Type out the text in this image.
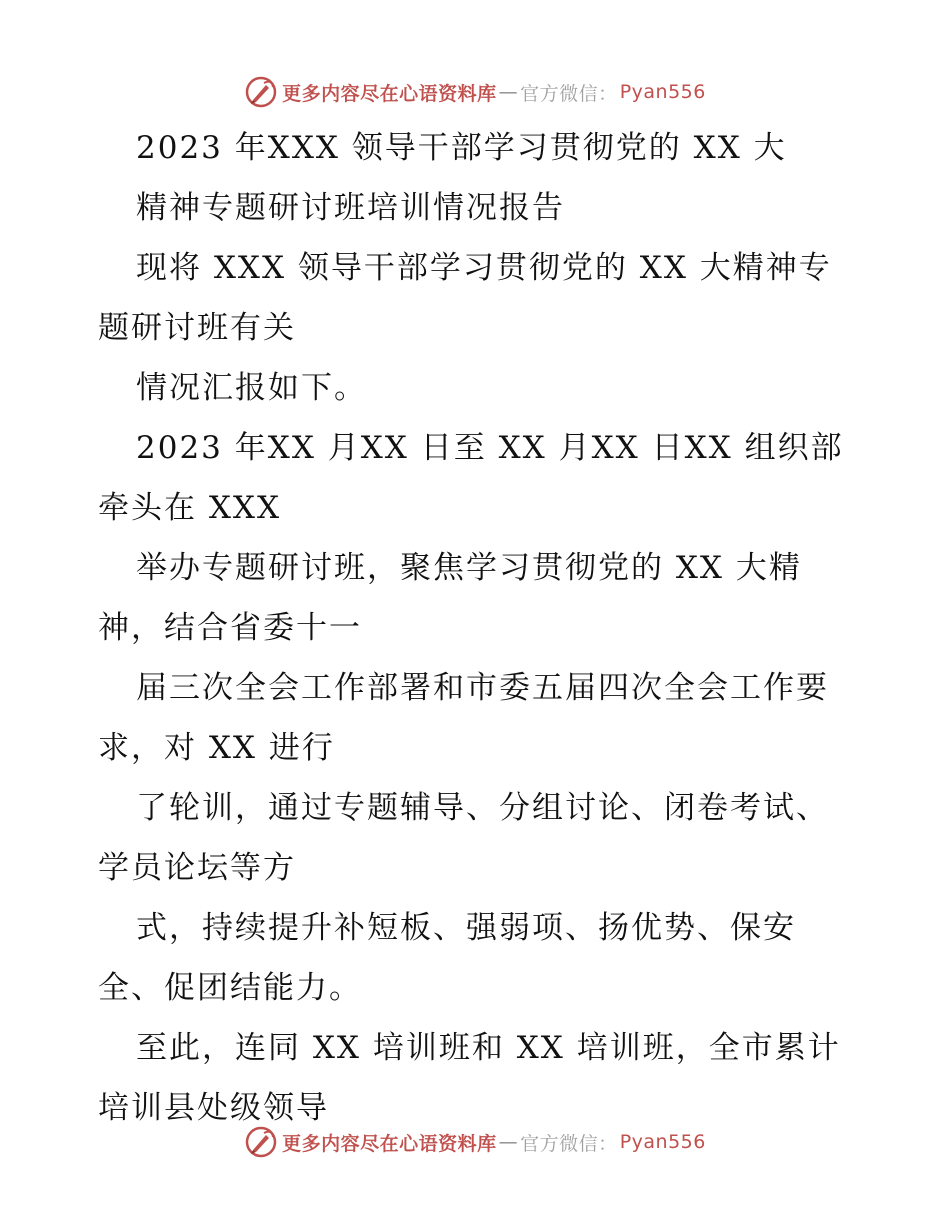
更多内容尽在心语资料库 — 官方微信： Pyan556
2023 年XXX 领导干部学习贯彻党的 XX 大
精神专题研讨班培训情况报告
现将 XXX 领导干部学习贯彻党的 XX 大精神专
题研讨班有关
情况汇报如下。
2023 年XX 月XX 日至 XX 月XX 日XX 组织部
牵头在 XXX
举办专题研讨班，聚焦学习贯彻党的 XX 大精
神，结合省委十一
届三次全会工作部署和市委五届四次全会工作要
求，对 XX 进行
了轮训，通过专题辅导、分组讨论、闭卷考试、
学员论坛等方
式，持续提升补短板、强弱项、扬优势、保安
全、促团结能力。
至此，连同 XX 培训班和 XX 培训班，全市累计
培训县处级领导
更多内容尽在心语资料库 — 官方微信： Pyan556
